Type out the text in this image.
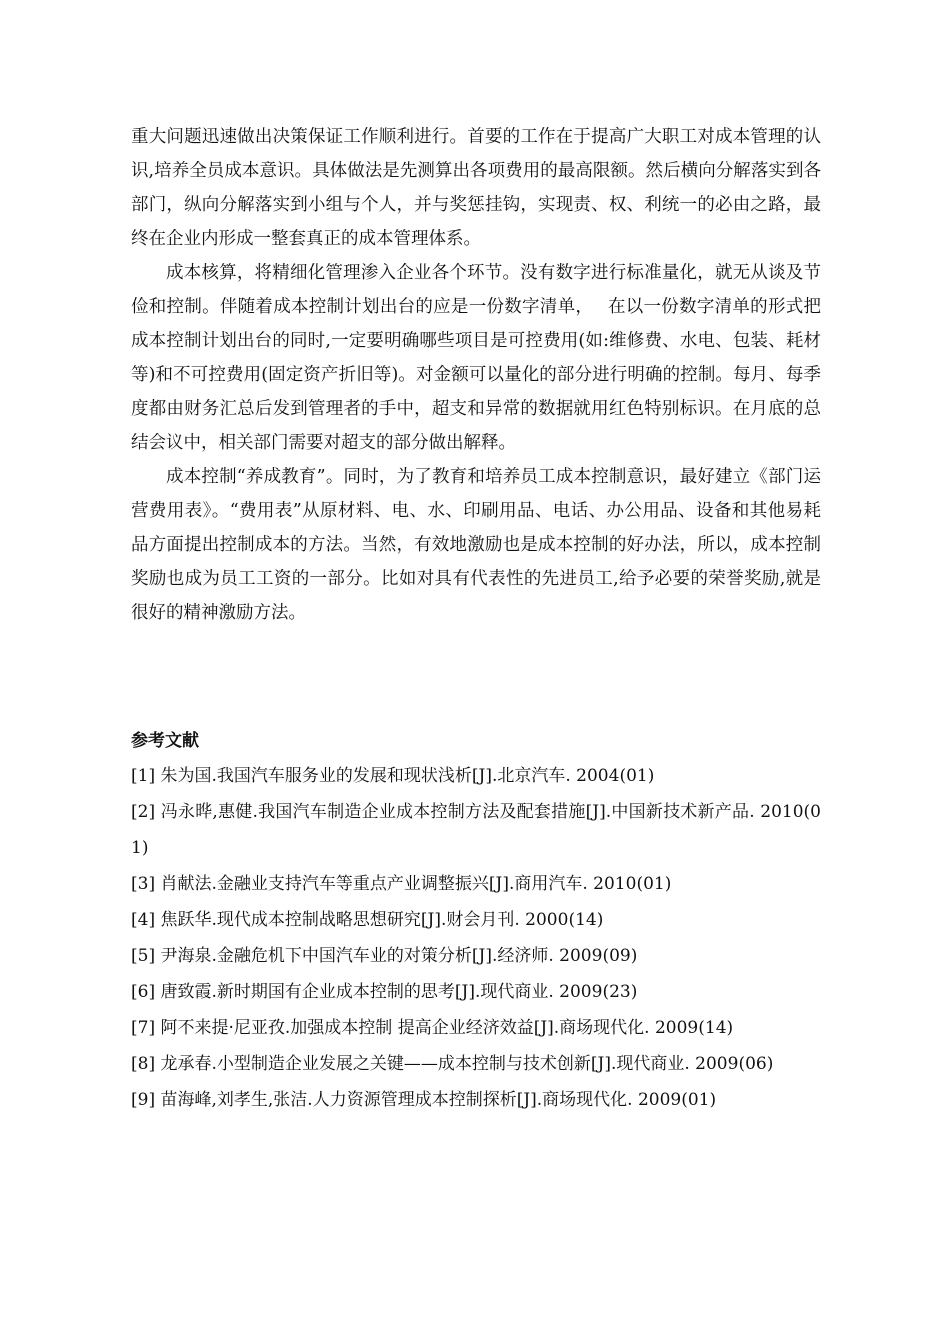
重大问题迅速做出决策保证工作顺利进行。首要的工作在于提高广大职工对成本管理的认识,培养全员成本意识。具体做法是先测算出各项费用的最高限额。然后横向分解落实到各部门，纵向分解落实到小组与个人，并与奖惩挂钩，实现责、权、利统一的必由之路，最终在企业内形成一整套真正的成本管理体系。

成本核算，将精细化管理渗入企业各个环节。没有数字进行标准量化，就无从谈及节俭和控制。伴随着成本控制计划出台的应是一份数字清单，　 在以一份数字清单的形式把成本控制计划出台的同时,一定要明确哪些项目是可控费用(如:维修费、水电、包装、耗材等)和不可控费用(固定资产折旧等)。对金额可以量化的部分进行明确的控制。每月、每季度都由财务汇总后发到管理者的手中，超支和异常的数据就用红色特别标识。在月底的总结会议中，相关部门需要对超支的部分做出解释。

成本控制“养成教育”。同时，为了教育和培养员工成本控制意识，最好建立《部门运营费用表》。“费用表”从原材料、电、水、印刷用品、电话、办公用品、设备和其他易耗品方面提出控制成本的方法。当然，有效地激励也是成本控制的好办法，所以，成本控制奖励也成为员工工资的一部分。比如对具有代表性的先进员工,给予必要的荣誉奖励,就是很好的精神激励方法。

参考文献
[1] 朱为国.我国汽车服务业的发展和现状浅析[J].北京汽车. 2004(01)
[2] 冯永晔,惠健.我国汽车制造企业成本控制方法及配套措施[J].中国新技术新产品. 2010(01)
[3] 肖献法.金融业支持汽车等重点产业调整振兴[J].商用汽车. 2010(01)
[4] 焦跃华.现代成本控制战略思想研究[J].财会月刊. 2000(14)
[5] 尹海泉.金融危机下中国汽车业的对策分析[J].经济师. 2009(09)
[6] 唐致霞.新时期国有企业成本控制的思考[J].现代商业. 2009(23)
[7] 阿不来提·尼亚孜.加强成本控制 提高企业经济效益[J].商场现代化. 2009(14)
[8] 龙承春.小型制造企业发展之关键——成本控制与技术创新[J].现代商业. 2009(06)
[9] 苗海峰,刘孝生,张洁.人力资源管理成本控制探析[J].商场现代化. 2009(01)
